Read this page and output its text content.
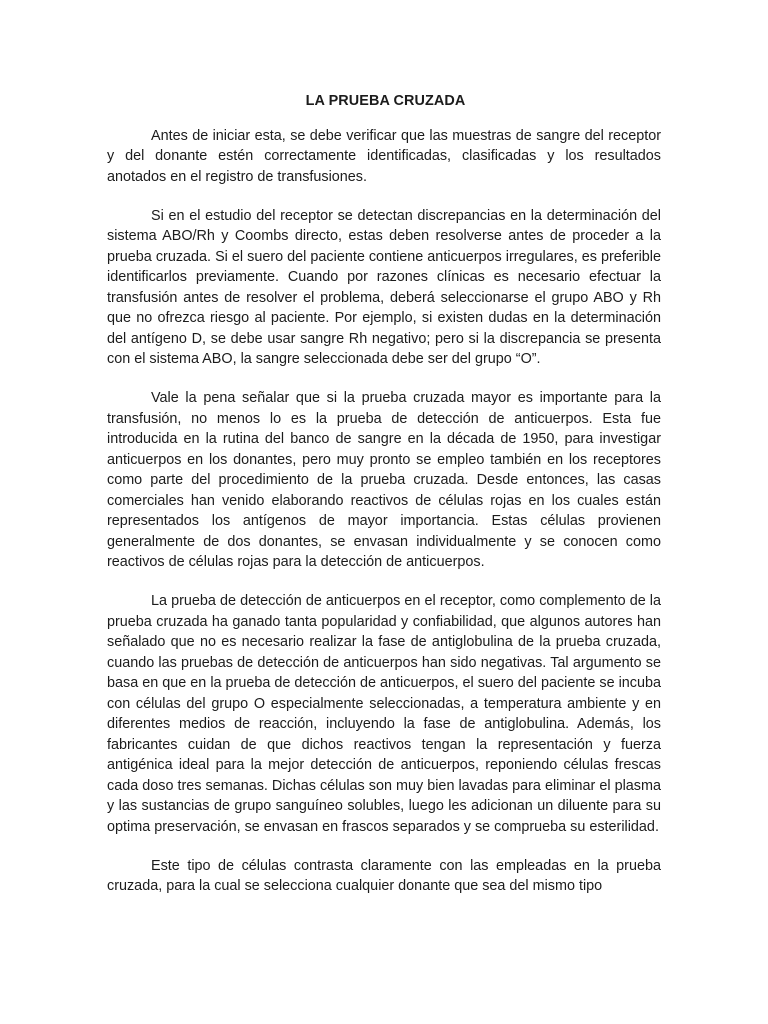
LA PRUEBA CRUZADA

Antes de iniciar esta, se debe verificar que las muestras de sangre del receptor y del donante estén correctamente identificadas, clasificadas y los resultados anotados en el registro de transfusiones.

Si en el estudio del receptor se detectan discrepancias en la determinación del sistema ABO/Rh y Coombs directo, estas deben resolverse antes de proceder a la prueba cruzada. Si el suero del paciente contiene anticuerpos irregulares, es preferible identificarlos previamente. Cuando por razones clínicas es necesario efectuar la transfusión antes de resolver el problema, deberá seleccionarse el grupo ABO y Rh que no ofrezca riesgo al paciente. Por ejemplo, si existen dudas en la determinación del antígeno D, se debe usar sangre Rh negativo; pero si la discrepancia se presenta con el sistema ABO, la sangre seleccionada debe ser del grupo “O”.

Vale la pena señalar que si la prueba cruzada mayor es importante para la transfusión, no menos lo es la prueba de detección de anticuerpos. Esta fue introducida en la rutina del banco de sangre en la década de 1950, para investigar anticuerpos en los donantes, pero muy pronto se empleo también en los receptores como parte del procedimiento de la prueba cruzada. Desde entonces, las casas comerciales han venido elaborando reactivos de células rojas en los cuales están representados los antígenos de mayor importancia. Estas células provienen generalmente de dos donantes, se envasan individualmente y se conocen como reactivos de células rojas para la detección de anticuerpos.

La prueba de detección de anticuerpos en el receptor, como complemento de la prueba cruzada ha ganado tanta popularidad y confiabilidad, que algunos autores han señalado que no es necesario realizar la fase de antiglobulina de la prueba cruzada, cuando las pruebas de detección de anticuerpos han sido negativas. Tal argumento se basa en que en la prueba de detección de anticuerpos, el suero del paciente se incuba con células del grupo O especialmente seleccionadas, a temperatura ambiente y en diferentes medios de reacción, incluyendo la fase de antiglobulina. Además, los fabricantes cuidan de que dichos reactivos tengan la representación y fuerza antigénica ideal para la mejor detección de anticuerpos, reponiendo células frescas cada doso tres semanas. Dichas células son muy bien lavadas para eliminar el plasma y las sustancias de grupo sanguíneo solubles, luego les adicionan un diluente para su optima preservación, se envasan en frascos separados y se comprueba su esterilidad.

Este tipo de células contrasta claramente con las empleadas en la prueba cruzada, para la cual se selecciona cualquier donante que sea del mismo tipo
